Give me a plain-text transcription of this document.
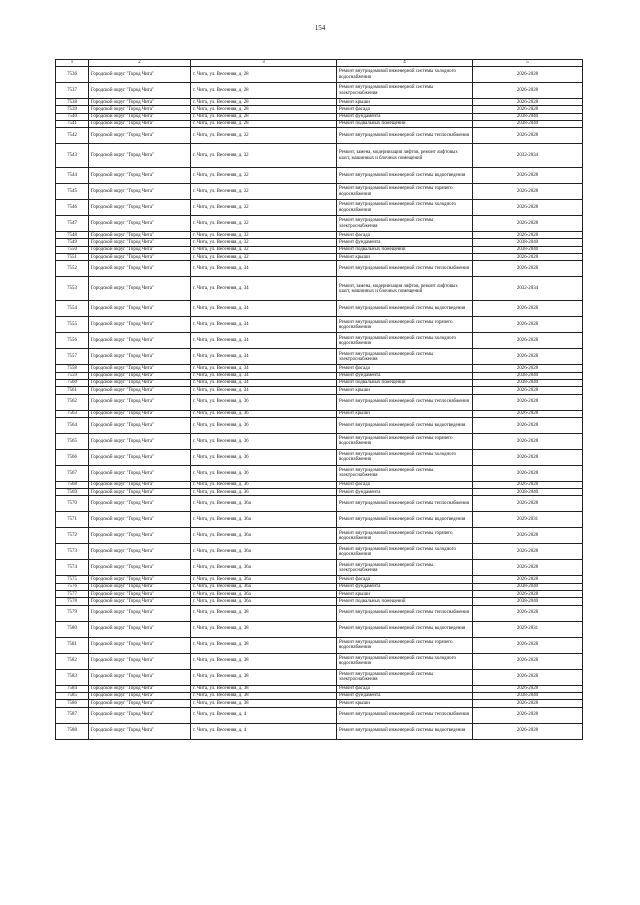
154
1	2	3	4	5
7536	Городской округ "Город Чита"	г. Чита, ул. Весенняя, д. 28	Ремонт внутридомовой инженерной системы холодного водоснабжения	2026-2028
7537	Городской округ "Город Чита"	г. Чита, ул. Весенняя, д. 28	Ремонт внутридомовой инженерной системы электроснабжения	2026-2028
7538	Городской округ "Город Чита"	г. Чита, ул. Весенняя, д. 28	Ремонт крыши	2026-2028
7539	Городской округ "Город Чита"	г. Чита, ул. Весенняя, д. 28	Ремонт фасада	2026-2028
7540	Городской округ "Город Чита"	г. Чита, ул. Весенняя, д. 28	Ремонт фундамента	2038-2040
7541	Городской округ "Город Чита"	г. Чита, ул. Весенняя, д. 28	Ремонт подвальных помещений	2038-2040
7542	Городской округ "Город Чита"	г. Чита, ул. Весенняя, д. 32	Ремонт внутридомовой инженерной системы теплоснабжения	2026-2028
7543	Городской округ "Город Чита"	г. Чита, ул. Весенняя, д. 32	Ремонт, замена, модернизация лифтов, ремонт лифтовых шахт, машинных и блочных помещений	2032-2034
7544	Городской округ "Город Чита"	г. Чита, ул. Весенняя, д. 32	Ремонт внутридомовой инженерной системы водоотведения	2026-2028
7545	Городской округ "Город Чита"	г. Чита, ул. Весенняя, д. 32	Ремонт внутридомовой инженерной системы горячего водоснабжения	2026-2028
7546	Городской округ "Город Чита"	г. Чита, ул. Весенняя, д. 32	Ремонт внутридомовой инженерной системы холодного водоснабжения	2026-2028
7547	Городской округ "Город Чита"	г. Чита, ул. Весенняя, д. 32	Ремонт внутридомовой инженерной системы электроснабжения	2026-2028
7548	Городской округ "Город Чита"	г. Чита, ул. Весенняя, д. 32	Ремонт фасада	2026-2028
7549	Городской округ "Город Чита"	г. Чита, ул. Весенняя, д. 32	Ремонт фундамента	2038-2040
7550	Городской округ "Город Чита"	г. Чита, ул. Весенняя, д. 32	Ремонт подвальных помещений	2038-2040
7551	Городской округ "Город Чита"	г. Чита, ул. Весенняя, д. 32	Ремонт крыши	2026-2028
7552	Городской округ "Город Чита"	г. Чита, ул. Весенняя, д. 34	Ремонт внутридомовой инженерной системы теплоснабжения	2026-2028
7553	Городской округ "Город Чита"	г. Чита, ул. Весенняя, д. 34	Ремонт, замена, модернизация лифтов, ремонт лифтовых шахт, машинных и блочных помещений	2032-2034
7554	Городской округ "Город Чита"	г. Чита, ул. Весенняя, д. 34	Ремонт внутридомовой инженерной системы водоотведения	2026-2028
7555	Городской округ "Город Чита"	г. Чита, ул. Весенняя, д. 34	Ремонт внутридомовой инженерной системы горячего водоснабжения	2026-2028
7556	Городской округ "Город Чита"	г. Чита, ул. Весенняя, д. 34	Ремонт внутридомовой инженерной системы холодного водоснабжения	2026-2028
7557	Городской округ "Город Чита"	г. Чита, ул. Весенняя, д. 34	Ремонт внутридомовой инженерной системы электроснабжения	2026-2028
7558	Городской округ "Город Чита"	г. Чита, ул. Весенняя, д. 34	Ремонт фасада	2026-2028
7559	Городской округ "Город Чита"	г. Чита, ул. Весенняя, д. 34	Ремонт фундамента	2038-2040
7560	Городской округ "Город Чита"	г. Чита, ул. Весенняя, д. 34	Ремонт подвальных помещений	2038-2040
7561	Городской округ "Город Чита"	г. Чита, ул. Весенняя, д. 34	Ремонт крыши	2026-2028
7562	Городской округ "Город Чита"	г. Чита, ул. Весенняя, д. 36	Ремонт внутридомовой инженерной системы теплоснабжения	2026-2028
7563	Городской округ "Город Чита"	г. Чита, ул. Весенняя, д. 36	Ремонт крыши	2026-2028
7564	Городской округ "Город Чита"	г. Чита, ул. Весенняя, д. 36	Ремонт внутридомовой инженерной системы водоотведения	2026-2028
7565	Городской округ "Город Чита"	г. Чита, ул. Весенняя, д. 36	Ремонт внутридомовой инженерной системы горячего водоснабжения	2026-2028
7566	Городской округ "Город Чита"	г. Чита, ул. Весенняя, д. 36	Ремонт внутридомовой инженерной системы холодного водоснабжения	2026-2028
7567	Городской округ "Город Чита"	г. Чита, ул. Весенняя, д. 36	Ремонт внутридомовой инженерной системы электроснабжения	2026-2028
7568	Городской округ "Город Чита"	г. Чита, ул. Весенняя, д. 36	Ремонт фасада	2026-2028
7569	Городской округ "Город Чита"	г. Чита, ул. Весенняя, д. 36	Ремонт фундамента	2038-2040
7570	Городской округ "Город Чита"	г. Чита, ул. Весенняя, д. 36а	Ремонт внутридомовой инженерной системы теплоснабжения	2026-2028
7571	Городской округ "Город Чита"	г. Чита, ул. Весенняя, д. 36а	Ремонт внутридомовой инженерной системы водоотведения	2029-2031
7572	Городской округ "Город Чита"	г. Чита, ул. Весенняя, д. 36а	Ремонт внутридомовой инженерной системы горячего водоснабжения	2026-2028
7573	Городской округ "Город Чита"	г. Чита, ул. Весенняя, д. 36а	Ремонт внутридомовой инженерной системы холодного водоснабжения	2026-2028
7574	Городской округ "Город Чита"	г. Чита, ул. Весенняя, д. 36а	Ремонт внутридомовой инженерной системы электроснабжения	2026-2028
7575	Городской округ "Город Чита"	г. Чита, ул. Весенняя, д. 36а	Ремонт фасада	2026-2028
7576	Городской округ "Город Чита"	г. Чита, ул. Весенняя, д. 36а	Ремонт фундамента	2038-2040
7577	Городской округ "Город Чита"	г. Чита, ул. Весенняя, д. 36а	Ремонт крыши	2026-2028
7578	Городской округ "Город Чита"	г. Чита, ул. Весенняя, д. 36а	Ремонт подвальных помещений	2038-2040
7579	Городской округ "Город Чита"	г. Чита, ул. Весенняя, д. 38	Ремонт внутридомовой инженерной системы теплоснабжения	2026-2028
7580	Городской округ "Город Чита"	г. Чита, ул. Весенняя, д. 38	Ремонт внутридомовой инженерной системы водоотведения	2029-2031
7581	Городской округ "Город Чита"	г. Чита, ул. Весенняя, д. 38	Ремонт внутридомовой инженерной системы горячего водоснабжения	2026-2028
7582	Городской округ "Город Чита"	г. Чита, ул. Весенняя, д. 38	Ремонт внутридомовой инженерной системы холодного водоснабжения	2026-2028
7583	Городской округ "Город Чита"	г. Чита, ул. Весенняя, д. 38	Ремонт внутридомовой инженерной системы электроснабжения	2026-2028
7584	Городской округ "Город Чита"	г. Чита, ул. Весенняя, д. 38	Ремонт фасада	2026-2028
7585	Городской округ "Город Чита"	г. Чита, ул. Весенняя, д. 38	Ремонт фундамента	2038-2040
7586	Городской округ "Город Чита"	г. Чита, ул. Весенняя, д. 38	Ремонт крыши	2026-2028
7587	Городской округ "Город Чита"	г. Чита, ул. Весенняя, д. 4	Ремонт внутридомовой инженерной системы теплоснабжения	2026-2028
7588	Городской округ "Город Чита"	г. Чита, ул. Весенняя, д. 4	Ремонт внутридомовой инженерной системы водоотведения	2026-2028
